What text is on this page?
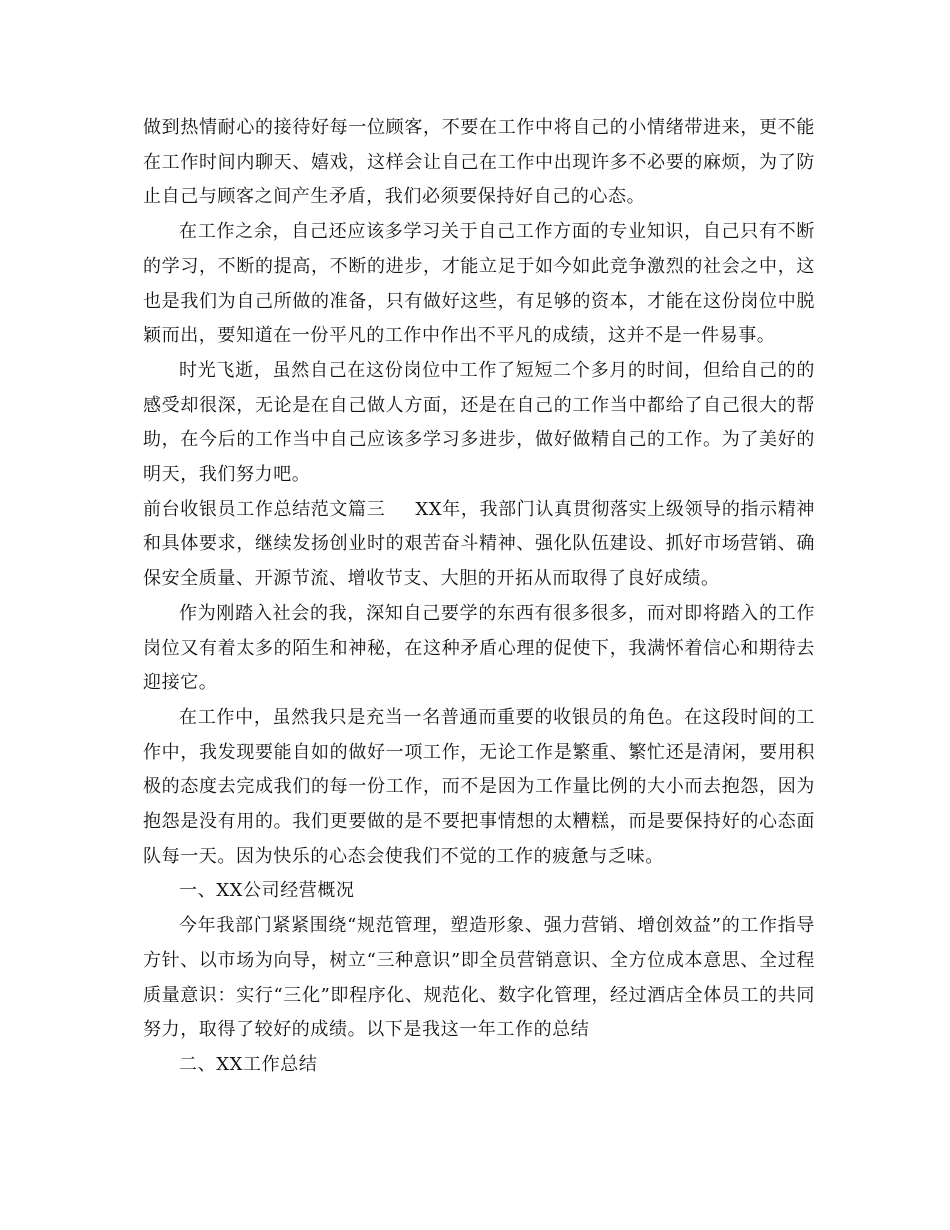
做到热情耐心的接待好每一位顾客，不要在工作中将自己的小情绪带进来，更不能在工作时间内聊天、嬉戏，这样会让自己在工作中出现许多不必要的麻烦，为了防止自己与顾客之间产生矛盾，我们必须要保持好自己的心态。

在工作之余，自己还应该多学习关于自己工作方面的专业知识，自己只有不断的学习，不断的提高，不断的进步，才能立足于如今如此竞争激烈的社会之中，这也是我们为自己所做的准备，只有做好这些，有足够的资本，才能在这份岗位中脱颖而出，要知道在一份平凡的工作中作出不平凡的成绩，这并不是一件易事。

时光飞逝，虽然自己在这份岗位中工作了短短二个多月的时间，但给自己的的感受却很深，无论是在自己做人方面，还是在自己的工作当中都给了自己很大的帮助，在今后的工作当中自己应该多学习多进步，做好做精自己的工作。为了美好的明天，我们努力吧。

前台收银员工作总结范文篇三 XX年，我部门认真贯彻落实上级领导的指示精神和具体要求，继续发扬创业时的艰苦奋斗精神、强化队伍建设、抓好市场营销、确保安全质量、开源节流、增收节支、大胆的开拓从而取得了良好成绩。

作为刚踏入社会的我，深知自己要学的东西有很多很多，而对即将踏入的工作岗位又有着太多的陌生和神秘，在这种矛盾心理的促使下，我满怀着信心和期待去迎接它。

在工作中，虽然我只是充当一名普通而重要的收银员的角色。在这段时间的工作中，我发现要能自如的做好一项工作，无论工作是繁重、繁忙还是清闲，要用积极的态度去完成我们的每一份工作，而不是因为工作量比例的大小而去抱怨，因为抱怨是没有用的。我们更要做的是不要把事情想的太糟糕，而是要保持好的心态面队每一天。因为快乐的心态会使我们不觉的工作的疲惫与乏味。

一、XX公司经营概况

今年我部门紧紧围绕“规范管理，塑造形象、强力营销、增创效益”的工作指导方针、以市场为向导，树立“三种意识”即全员营销意识、全方位成本意思、全过程质量意识：实行“三化”即程序化、规范化、数字化管理，经过酒店全体员工的共同努力，取得了较好的成绩。以下是我这一年工作的总结

二、XX工作总结
